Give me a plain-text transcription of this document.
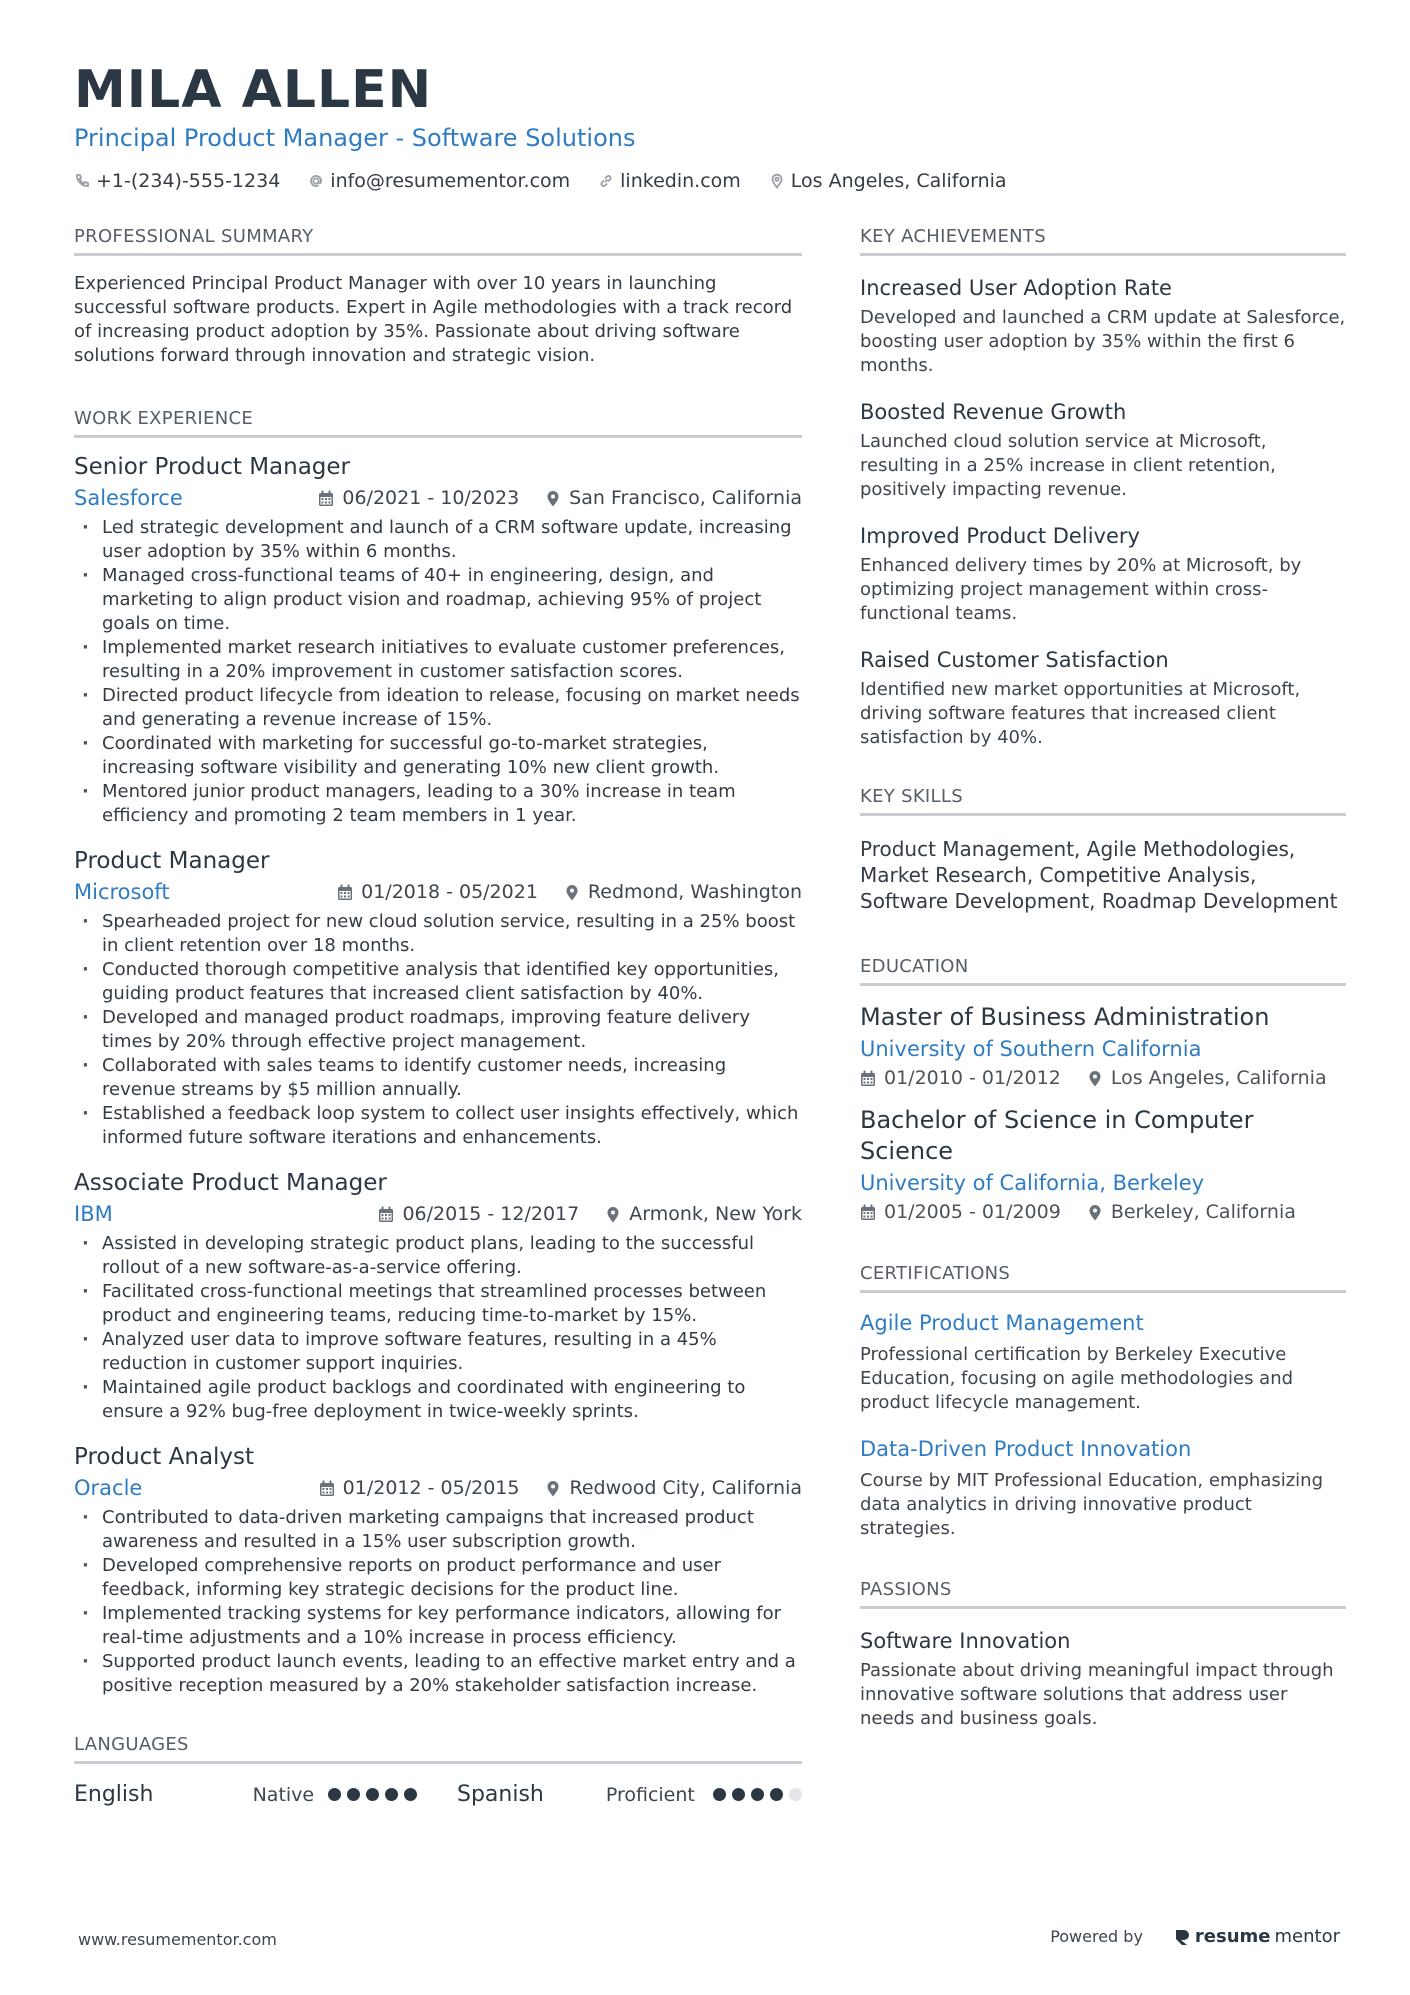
MILA ALLEN
Principal Product Manager - Software Solutions
+1-(234)-555-1234	info@resumementor.com	linkedin.com	Los Angeles, California
PROFESSIONAL SUMMARY
Experienced Principal Product Manager with over 10 years in launching successful software products. Expert in Agile methodologies with a track record of increasing product adoption by 35%. Passionate about driving software solutions forward through innovation and strategic vision.
WORK EXPERIENCE
Senior Product Manager
Salesforce	06/2021 - 10/2023	San Francisco, California
· Led strategic development and launch of a CRM software update, increasing user adoption by 35% within 6 months.
· Managed cross-functional teams of 40+ in engineering, design, and marketing to align product vision and roadmap, achieving 95% of project goals on time.
· Implemented market research initiatives to evaluate customer preferences, resulting in a 20% improvement in customer satisfaction scores.
· Directed product lifecycle from ideation to release, focusing on market needs and generating a revenue increase of 15%.
· Coordinated with marketing for successful go-to-market strategies, increasing software visibility and generating 10% new client growth.
· Mentored junior product managers, leading to a 30% increase in team efficiency and promoting 2 team members in 1 year.
Product Manager
Microsoft	01/2018 - 05/2021	Redmond, Washington
· Spearheaded project for new cloud solution service, resulting in a 25% boost in client retention over 18 months.
· Conducted thorough competitive analysis that identified key opportunities, guiding product features that increased client satisfaction by 40%.
· Developed and managed product roadmaps, improving feature delivery times by 20% through effective project management.
· Collaborated with sales teams to identify customer needs, increasing revenue streams by $5 million annually.
· Established a feedback loop system to collect user insights effectively, which informed future software iterations and enhancements.
Associate Product Manager
IBM	06/2015 - 12/2017	Armonk, New York
· Assisted in developing strategic product plans, leading to the successful rollout of a new software-as-a-service offering.
· Facilitated cross-functional meetings that streamlined processes between product and engineering teams, reducing time-to-market by 15%.
· Analyzed user data to improve software features, resulting in a 45% reduction in customer support inquiries.
· Maintained agile product backlogs and coordinated with engineering to ensure a 92% bug-free deployment in twice-weekly sprints.
Product Analyst
Oracle	01/2012 - 05/2015	Redwood City, California
· Contributed to data-driven marketing campaigns that increased product awareness and resulted in a 15% user subscription growth.
· Developed comprehensive reports on product performance and user feedback, informing key strategic decisions for the product line.
· Implemented tracking systems for key performance indicators, allowing for real-time adjustments and a 10% increase in process efficiency.
· Supported product launch events, leading to an effective market entry and a positive reception measured by a 20% stakeholder satisfaction increase.
LANGUAGES
English	Native	Spanish	Proficient
KEY ACHIEVEMENTS
Increased User Adoption Rate
Developed and launched a CRM update at Salesforce, boosting user adoption by 35% within the first 6 months.
Boosted Revenue Growth
Launched cloud solution service at Microsoft, resulting in a 25% increase in client retention, positively impacting revenue.
Improved Product Delivery
Enhanced delivery times by 20% at Microsoft, by optimizing project management within cross-functional teams.
Raised Customer Satisfaction
Identified new market opportunities at Microsoft, driving software features that increased client satisfaction by 40%.
KEY SKILLS
Product Management, Agile Methodologies, Market Research, Competitive Analysis, Software Development, Roadmap Development
EDUCATION
Master of Business Administration
University of Southern California
01/2010 - 01/2012	Los Angeles, California
Bachelor of Science in Computer Science
University of California, Berkeley
01/2005 - 01/2009	Berkeley, California
CERTIFICATIONS
Agile Product Management
Professional certification by Berkeley Executive Education, focusing on agile methodologies and product lifecycle management.
Data-Driven Product Innovation
Course by MIT Professional Education, emphasizing data analytics in driving innovative product strategies.
PASSIONS
Software Innovation
Passionate about driving meaningful impact through innovative software solutions that address user needs and business goals.
www.resumementor.com	Powered by	resume mentor
